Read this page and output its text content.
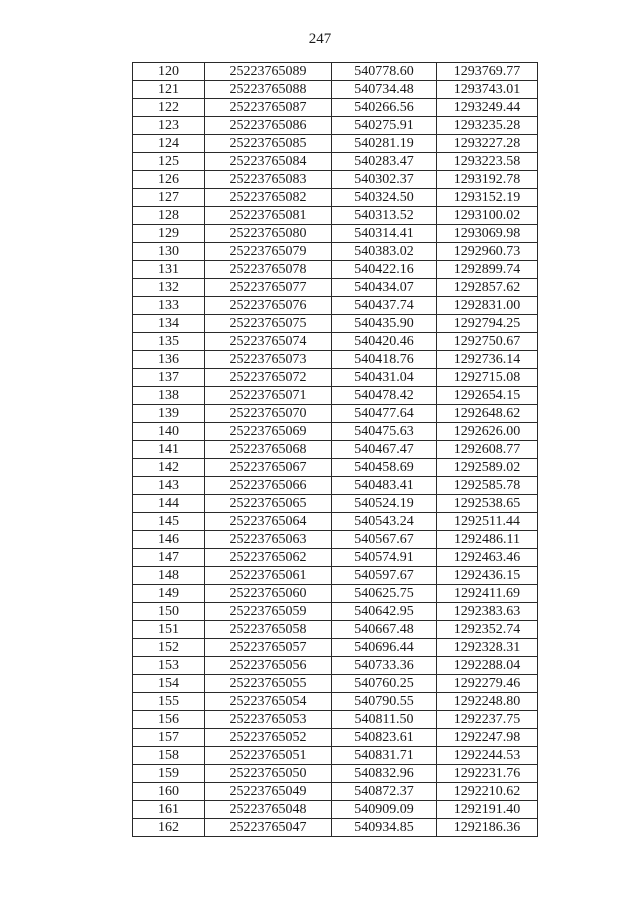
247
120	25223765089	540778.60	1293769.77
121	25223765088	540734.48	1293743.01
122	25223765087	540266.56	1293249.44
123	25223765086	540275.91	1293235.28
124	25223765085	540281.19	1293227.28
125	25223765084	540283.47	1293223.58
126	25223765083	540302.37	1293192.78
127	25223765082	540324.50	1293152.19
128	25223765081	540313.52	1293100.02
129	25223765080	540314.41	1293069.98
130	25223765079	540383.02	1292960.73
131	25223765078	540422.16	1292899.74
132	25223765077	540434.07	1292857.62
133	25223765076	540437.74	1292831.00
134	25223765075	540435.90	1292794.25
135	25223765074	540420.46	1292750.67
136	25223765073	540418.76	1292736.14
137	25223765072	540431.04	1292715.08
138	25223765071	540478.42	1292654.15
139	25223765070	540477.64	1292648.62
140	25223765069	540475.63	1292626.00
141	25223765068	540467.47	1292608.77
142	25223765067	540458.69	1292589.02
143	25223765066	540483.41	1292585.78
144	25223765065	540524.19	1292538.65
145	25223765064	540543.24	1292511.44
146	25223765063	540567.67	1292486.11
147	25223765062	540574.91	1292463.46
148	25223765061	540597.67	1292436.15
149	25223765060	540625.75	1292411.69
150	25223765059	540642.95	1292383.63
151	25223765058	540667.48	1292352.74
152	25223765057	540696.44	1292328.31
153	25223765056	540733.36	1292288.04
154	25223765055	540760.25	1292279.46
155	25223765054	540790.55	1292248.80
156	25223765053	540811.50	1292237.75
157	25223765052	540823.61	1292247.98
158	25223765051	540831.71	1292244.53
159	25223765050	540832.96	1292231.76
160	25223765049	540872.37	1292210.62
161	25223765048	540909.09	1292191.40
162	25223765047	540934.85	1292186.36
